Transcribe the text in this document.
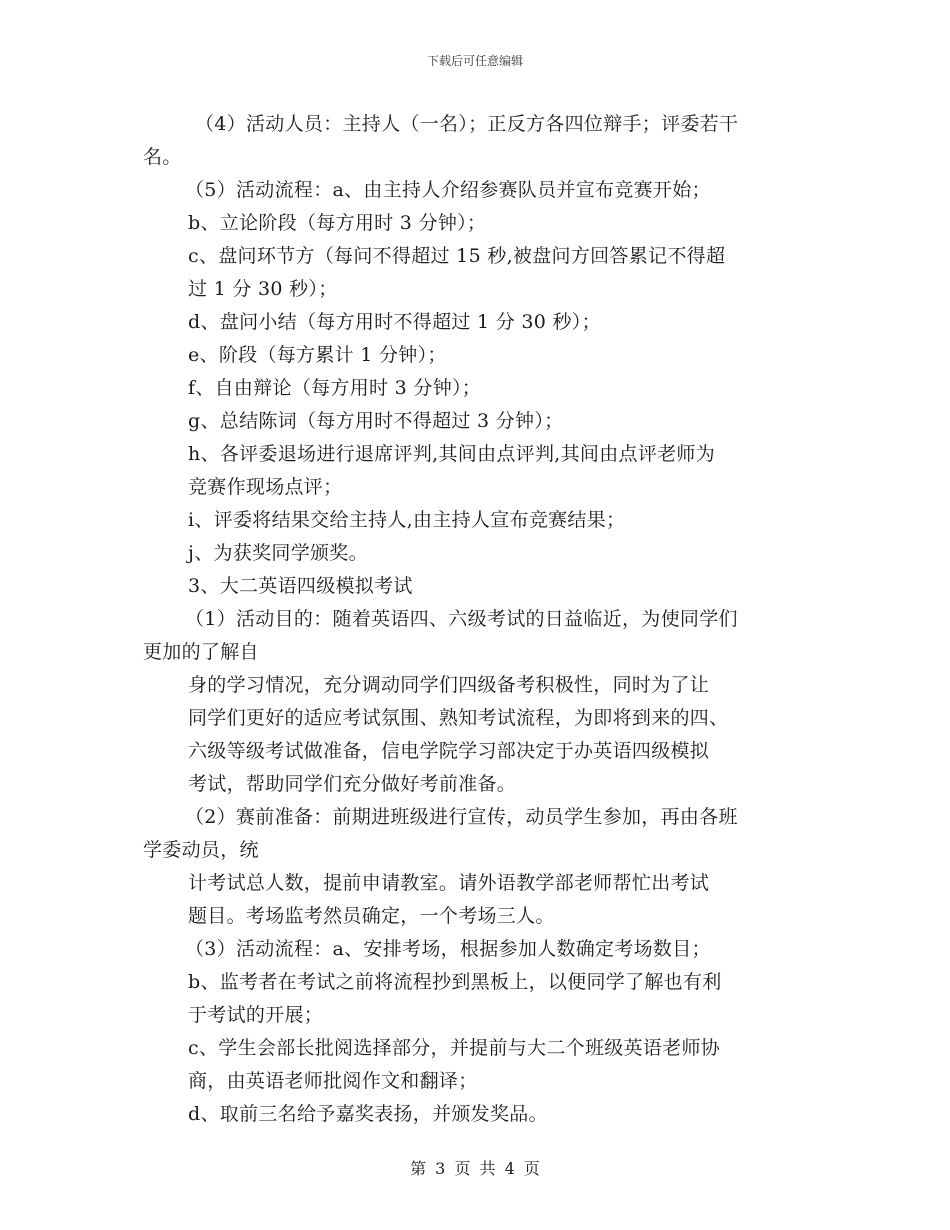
下载后可任意编辑
（4）活动人员：主持人（一名）；正反方各四位辩手；评委若干
名。
（5）活动流程：a、由主持人介绍参赛队员并宣布竞赛开始；
b、立论阶段（每方用时 3 分钟）；
c、盘问环节方（每问不得超过 15 秒,被盘问方回答累记不得超
过 1 分 30 秒）；
d、盘问小结（每方用时不得超过 1 分 30 秒）；
e、阶段（每方累计 1 分钟）；
f、自由辩论（每方用时 3 分钟）；
g、总结陈词（每方用时不得超过 3 分钟）；
h、各评委退场进行退席评判,其间由点评判,其间由点评老师为
竞赛作现场点评；
i、评委将结果交给主持人,由主持人宣布竞赛结果；
j、为获奖同学颁奖。
3、大二英语四级模拟考试
（1）活动目的：随着英语四、六级考试的日益临近，为使同学们
更加的了解自
身的学习情况，充分调动同学们四级备考积极性，同时为了让
同学们更好的适应考试氛围、熟知考试流程，为即将到来的四、
六级等级考试做准备，信电学院学习部决定于办英语四级模拟
考试，帮助同学们充分做好考前准备。
（2）赛前准备：前期进班级进行宣传，动员学生参加，再由各班
学委动员，统
计考试总人数，提前申请教室。请外语教学部老师帮忙出考试
题目。考场监考然员确定，一个考场三人。
（3）活动流程：a、安排考场，根据参加人数确定考场数目；
b、监考者在考试之前将流程抄到黑板上，以便同学了解也有利
于考试的开展；
c、学生会部长批阅选择部分，并提前与大二个班级英语老师协
商，由英语老师批阅作文和翻译；
d、取前三名给予嘉奖表扬，并颁发奖品。
第 3 页 共 4 页
